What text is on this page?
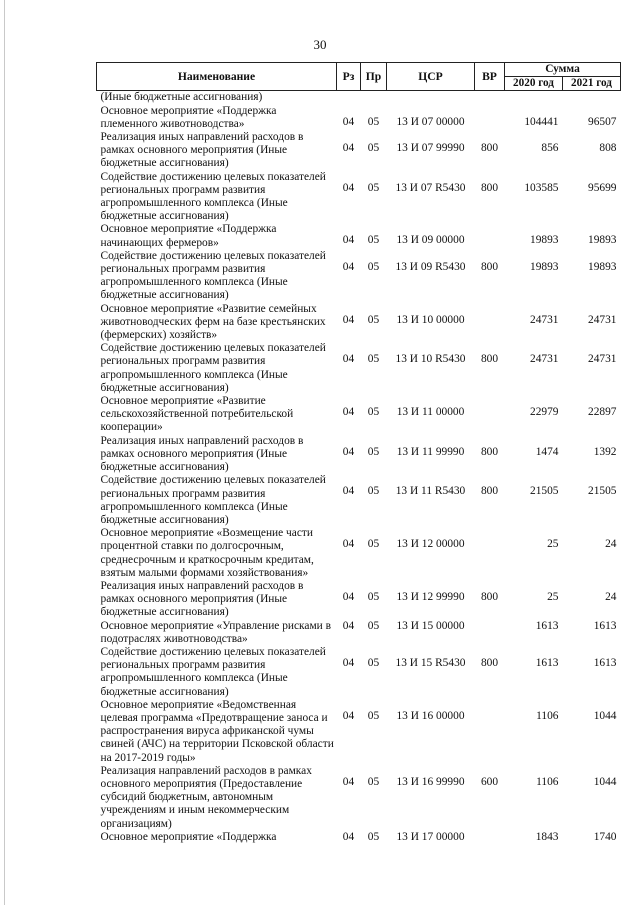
30
Наименование	Рз	Пр	ЦСР	ВР	Сумма	
					2020 год	2021 год
(Иные бюджетные ассигнования)						
Основное мероприятие «Поддержка племенного животноводства»	04	05	13 И 07 00000		104441	96507
Реализация иных направлений расходов в рамках основного мероприятия (Иные бюджетные ассигнования)	04	05	13 И 07 99990	800	856	808
Содействие достижению целевых показателей региональных программ развития агропромышленного комплекса (Иные бюджетные ассигнования)	04	05	13 И 07 R5430	800	103585	95699
Основное мероприятие «Поддержка начинающих фермеров»	04	05	13 И 09 00000		19893	19893
Содействие достижению целевых показателей региональных программ развития агропромышленного комплекса (Иные бюджетные ассигнования)	04	05	13 И 09 R5430	800	19893	19893
Основное мероприятие «Развитие семейных животноводческих ферм на базе крестьянских (фермерских) хозяйств»	04	05	13 И 10 00000		24731	24731
Содействие достижению целевых показателей региональных программ развития агропромышленного комплекса (Иные бюджетные ассигнования)	04	05	13 И 10 R5430	800	24731	24731
Основное мероприятие «Развитие сельскохозяйственной потребительской кооперации»	04	05	13 И 11 00000		22979	22897
Реализация иных направлений расходов в рамках основного мероприятия (Иные бюджетные ассигнования)	04	05	13 И 11 99990	800	1474	1392
Содействие достижению целевых показателей региональных программ развития агропромышленного комплекса (Иные бюджетные ассигнования)	04	05	13 И 11 R5430	800	21505	21505
Основное мероприятие «Возмещение части процентной ставки по долгосрочным, среднесрочным и краткосрочным кредитам, взятым малыми формами хозяйствования»	04	05	13 И 12 00000		25	24
Реализация иных направлений расходов в рамках основного мероприятия (Иные бюджетные ассигнования)	04	05	13 И 12 99990	800	25	24
Основное мероприятие «Управление рисками в подотраслях животноводства»	04	05	13 И 15 00000		1613	1613
Содействие достижению целевых показателей региональных программ развития агропромышленного комплекса (Иные бюджетные ассигнования)	04	05	13 И 15 R5430	800	1613	1613
Основное мероприятие «Ведомственная целевая программа «Предотвращение заноса и распространения вируса африканской чумы свиней (АЧС) на территории Псковской области на 2017-2019 годы»	04	05	13 И 16 00000		1106	1044
Реализация направлений расходов в рамках основного мероприятия (Предоставление субсидий бюджетным, автономным учреждениям и иным некоммерческим организациям)	04	05	13 И 16 99990	600	1106	1044
Основное мероприятие «Поддержка	04	05	13 И 17 00000		1843	1740
